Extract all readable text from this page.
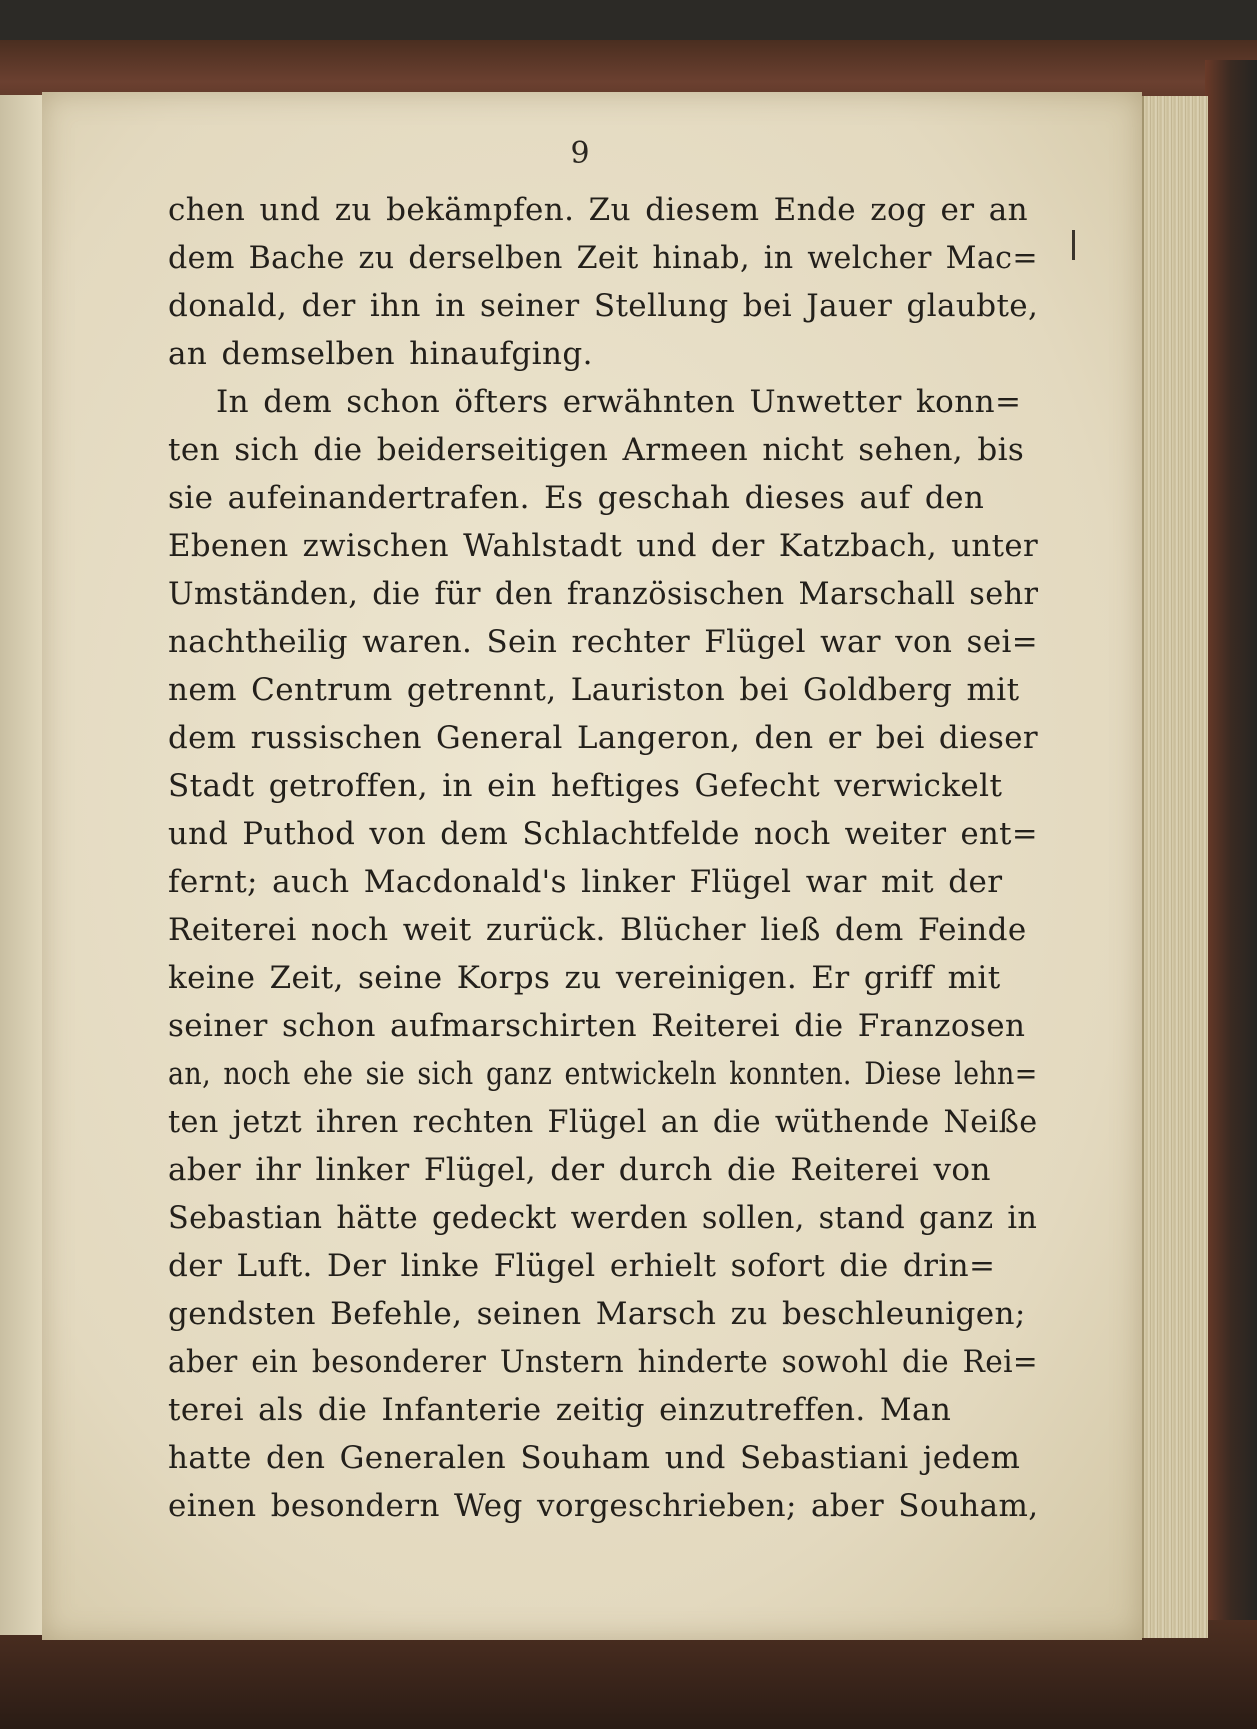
9
chen und zu bekämpfen. Zu diesem Ende zog er an
dem Bache zu derselben Zeit hinab, in welcher Mac=
donald, der ihn in seiner Stellung bei Jauer glaubte,
an demselben hinaufging.
In dem schon öfters erwähnten Unwetter konn=
ten sich die beiderseitigen Armeen nicht sehen, bis
sie aufeinandertrafen. Es geschah dieses auf den
Ebenen zwischen Wahlstadt und der Katzbach, unter
Umständen, die für den französischen Marschall sehr
nachtheilig waren. Sein rechter Flügel war von sei=
nem Centrum getrennt, Lauriston bei Goldberg mit
dem russischen General Langeron, den er bei dieser
Stadt getroffen, in ein heftiges Gefecht verwickelt
und Puthod von dem Schlachtfelde noch weiter ent=
fernt; auch Macdonald's linker Flügel war mit der
Reiterei noch weit zurück. Blücher ließ dem Feinde
keine Zeit, seine Korps zu vereinigen. Er griff mit
seiner schon aufmarschirten Reiterei die Franzosen
an, noch ehe sie sich ganz entwickeln konnten. Diese lehn=
ten jetzt ihren rechten Flügel an die wüthende Neiße
aber ihr linker Flügel, der durch die Reiterei von
Sebastian hätte gedeckt werden sollen, stand ganz in
der Luft. Der linke Flügel erhielt sofort die drin=
gendsten Befehle, seinen Marsch zu beschleunigen;
aber ein besonderer Unstern hinderte sowohl die Rei=
terei als die Infanterie zeitig einzutreffen. Man
hatte den Generalen Souham und Sebastiani jedem
einen besondern Weg vorgeschrieben; aber Souham,
